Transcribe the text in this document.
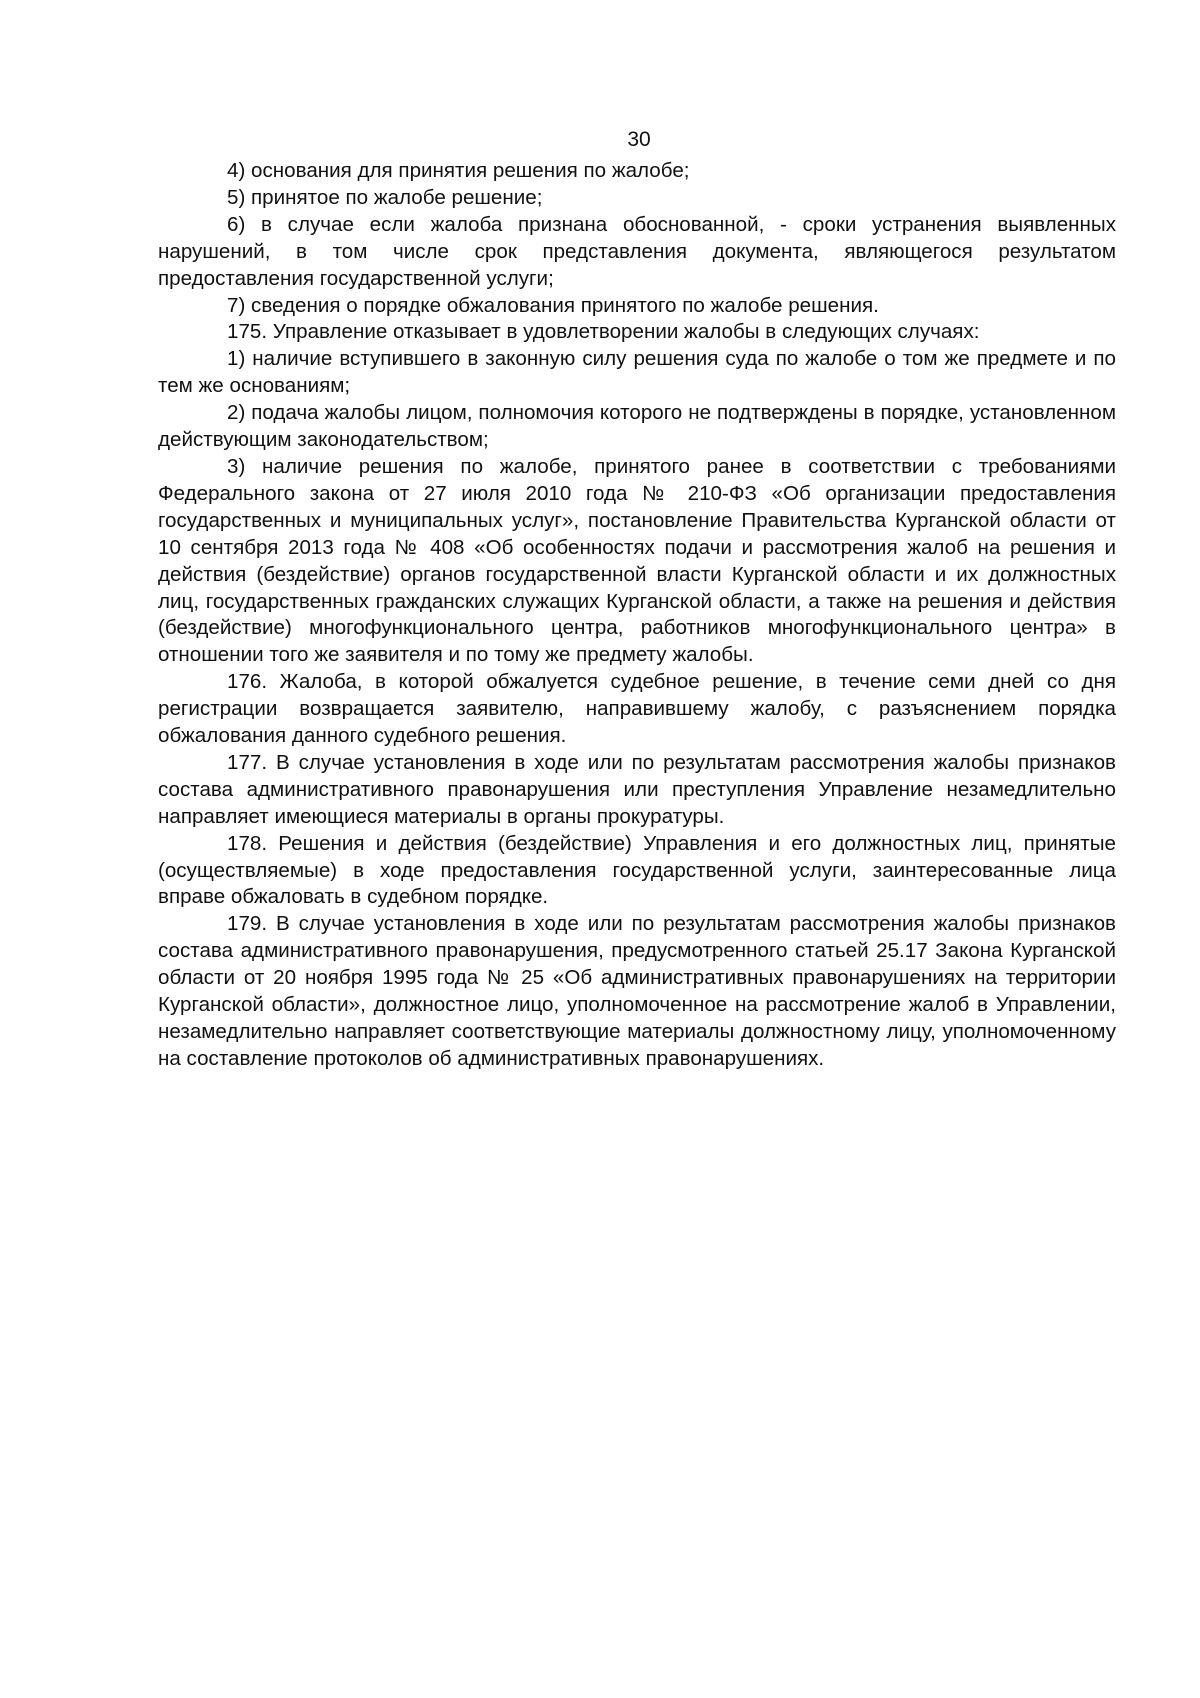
30

4) основания для принятия решения по жалобе;

5) принятое по жалобе решение;

6) в случае если жалоба признана обоснованной, - сроки устранения выявленных нарушений, в том числе срок представления документа, являющегося результатом предоставления государственной услуги;

7) сведения о порядке обжалования принятого по жалобе решения.

175. Управление отказывает в удовлетворении жалобы в следующих случаях:

1) наличие вступившего в законную силу решения суда по жалобе о том же предмете и по тем же основаниям;

2) подача жалобы лицом, полномочия которого не подтверждены в порядке, установленном действующим законодательством;

3) наличие решения по жалобе, принятого ранее в соответствии с требованиями Федерального закона от 27 июля 2010 года № 210-ФЗ «Об организации предоставления государственных и муниципальных услуг», постановление Правительства Курганской области от 10 сентября 2013 года № 408 «Об особенностях подачи и рассмотрения жалоб на решения и действия (бездействие) органов государственной власти Курганской области и их должностных лиц, государственных гражданских служащих Курганской области, а также на решения и действия (бездействие) многофункционального центра, работников многофункционального центра» в отношении того же заявителя и по тому же предмету жалобы.

176. Жалоба, в которой обжалуется судебное решение, в течение семи дней со дня регистрации возвращается заявителю, направившему жалобу, с разъяснением порядка обжалования данного судебного решения.

177. В случае установления в ходе или по результатам рассмотрения жалобы признаков состава административного правонарушения или преступления Управление незамедлительно направляет имеющиеся материалы в органы прокуратуры.

178. Решения и действия (бездействие) Управления и его должностных лиц, принятые (осуществляемые) в ходе предоставления государственной услуги, заинтересованные лица вправе обжаловать в судебном порядке.

179. В случае установления в ходе или по результатам рассмотрения жалобы признаков состава административного правонарушения, предусмотренного статьей 25.17 Закона Курганской области от 20 ноября 1995 года № 25 «Об административных правонарушениях на территории Курганской области», должностное лицо, уполномоченное на рассмотрение жалоб в Управлении, незамедлительно направляет соответствующие материалы должностному лицу, уполномоченному на составление протоколов об административных правонарушениях.
